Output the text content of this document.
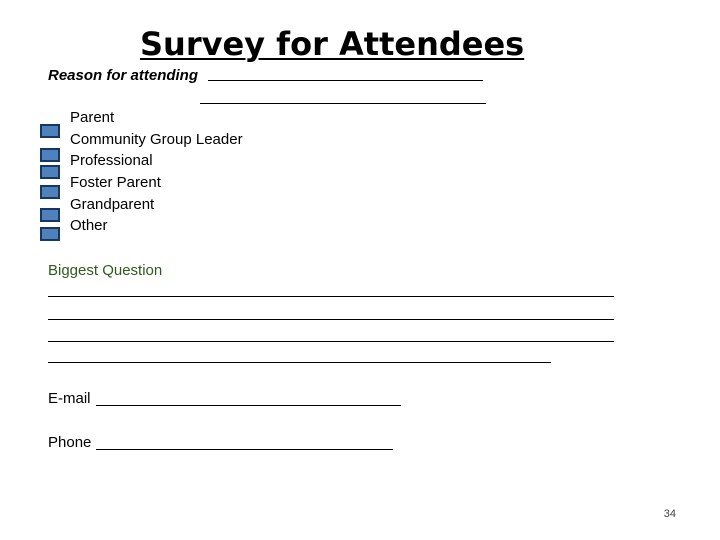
Survey for Attendees
Reason for attending
Parent
Community Group Leader
Professional
Foster Parent
Grandparent
Other
Biggest Question
E-mail
Phone
34
